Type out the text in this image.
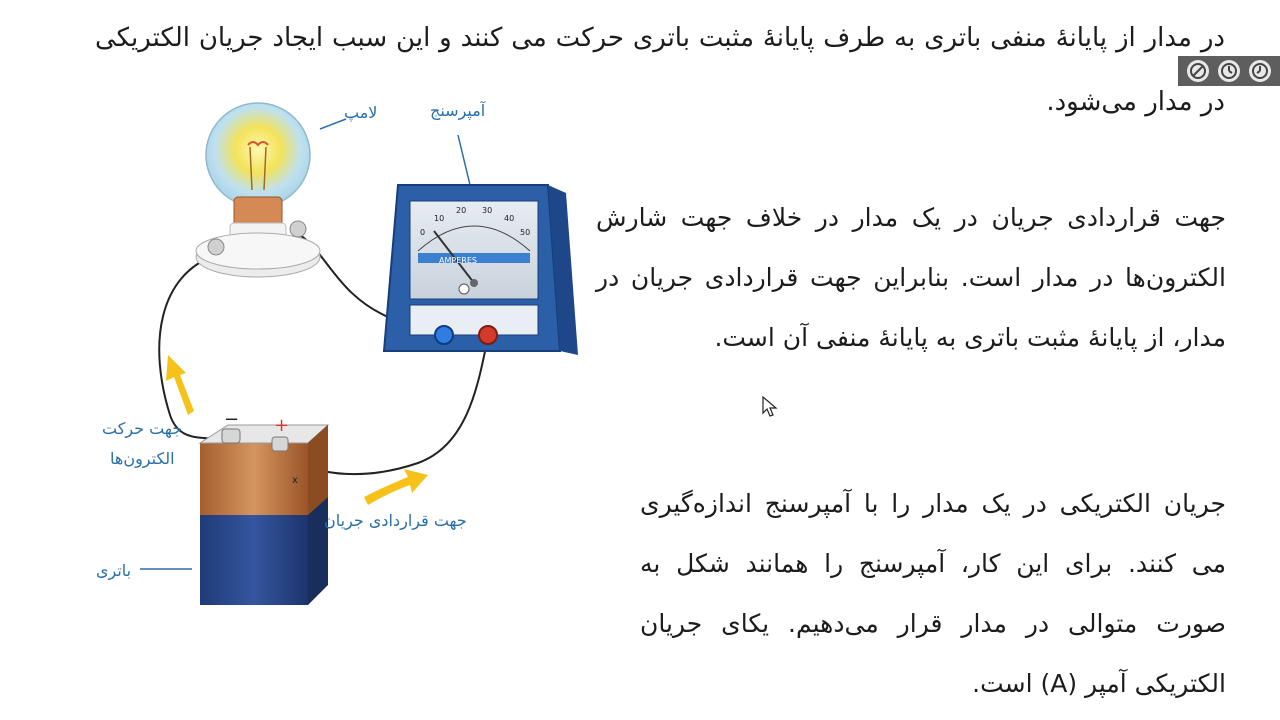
در مدار از پایانهٔ منفی باتری به طرف پایانهٔ مثبت باتری حرکت می کنند و این سبب ایجاد جریان الکتریکی در مدار می‌شود.

جهت قراردادی جریان در یک مدار در خلاف جهت شارش الکترون‌ها در مدار است. بنابراین جهت قراردادی جریان در مدار، از پایانهٔ مثبت باتری به پایانهٔ منفی آن است.

جریان الکتریکی در یک مدار را با آمپرسنج اندازه‌گیری می کنند. برای این کار، آمپرسنج را همانند شکل به صورت متوالی در مدار قرار می‌دهیم. یکای جریان الکتریکی آمپر (A) است.

AMPERES
0
10
20 30
40
50
− +
x
لامپ	آمپرسنج
جهت حرکت
الکترون‌ها
جهت قراردادی جریان
باتری
